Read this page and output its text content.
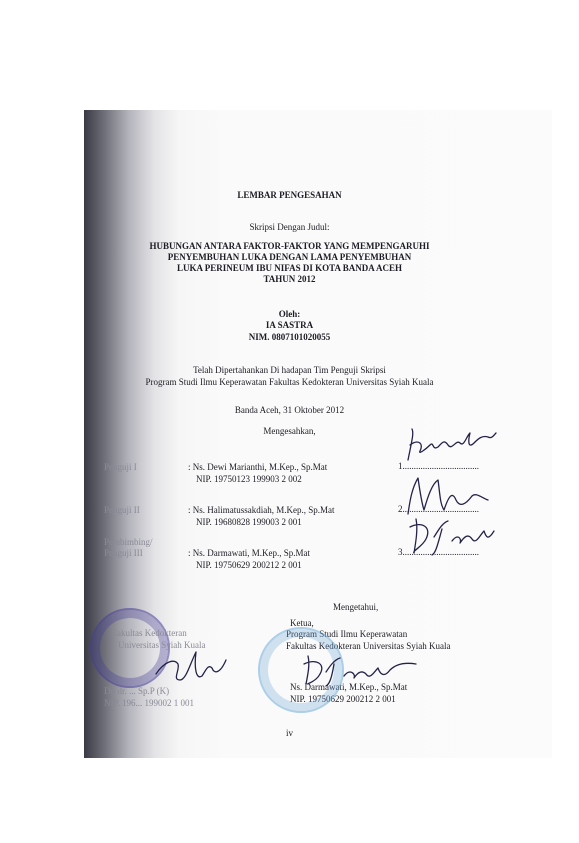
LEMBAR PENGESAHAN
Skripsi Dengan Judul:
HUBUNGAN ANTARA FAKTOR-FAKTOR YANG MEMPENGARUHI
PENYEMBUHAN LUKA DENGAN LAMA PENYEMBUHAN
LUKA PERINEUM IBU NIFAS DI KOTA BANDA ACEH
TAHUN 2012
Oleh:
IA SASTRA
NIM. 0807101020055
Telah Dipertahankan Di hadapan Tim Penguji Skripsi
Program Studi Ilmu Keperawatan Fakultas Kedokteran Universitas Syiah Kuala
Banda Aceh, 31 Oktober 2012
Mengesahkan,
Penguji I	: Ns. Dewi Marianthi, M.Kep., Sp.Mat
NIP. 19750123 199903 2 002
1..................................
Penguji II	: Ns. Halimatussakdiah, M.Kep., Sp.Mat
NIP. 19680828 199003 2 001
2..................................
Pembimbing/
Penguji III	: Ns. Darmawati, M.Kep., Sp.Mat
NIP. 19750629 200212 2 001
3..................................
Mengetahui,
Ketua,
Program Studi Ilmu Keperawatan
Fakultas Kedokteran Universitas Syiah Kuala
Ns. Darmawati, M.Kep., Sp.Mat
NIP. 19750629 200212 2 001
Fakultas Kedokteran
Universitas Syiah Kuala
Dr. dr. ... Sp.P (K)
NIP. 196... 199002 1 001
iv
